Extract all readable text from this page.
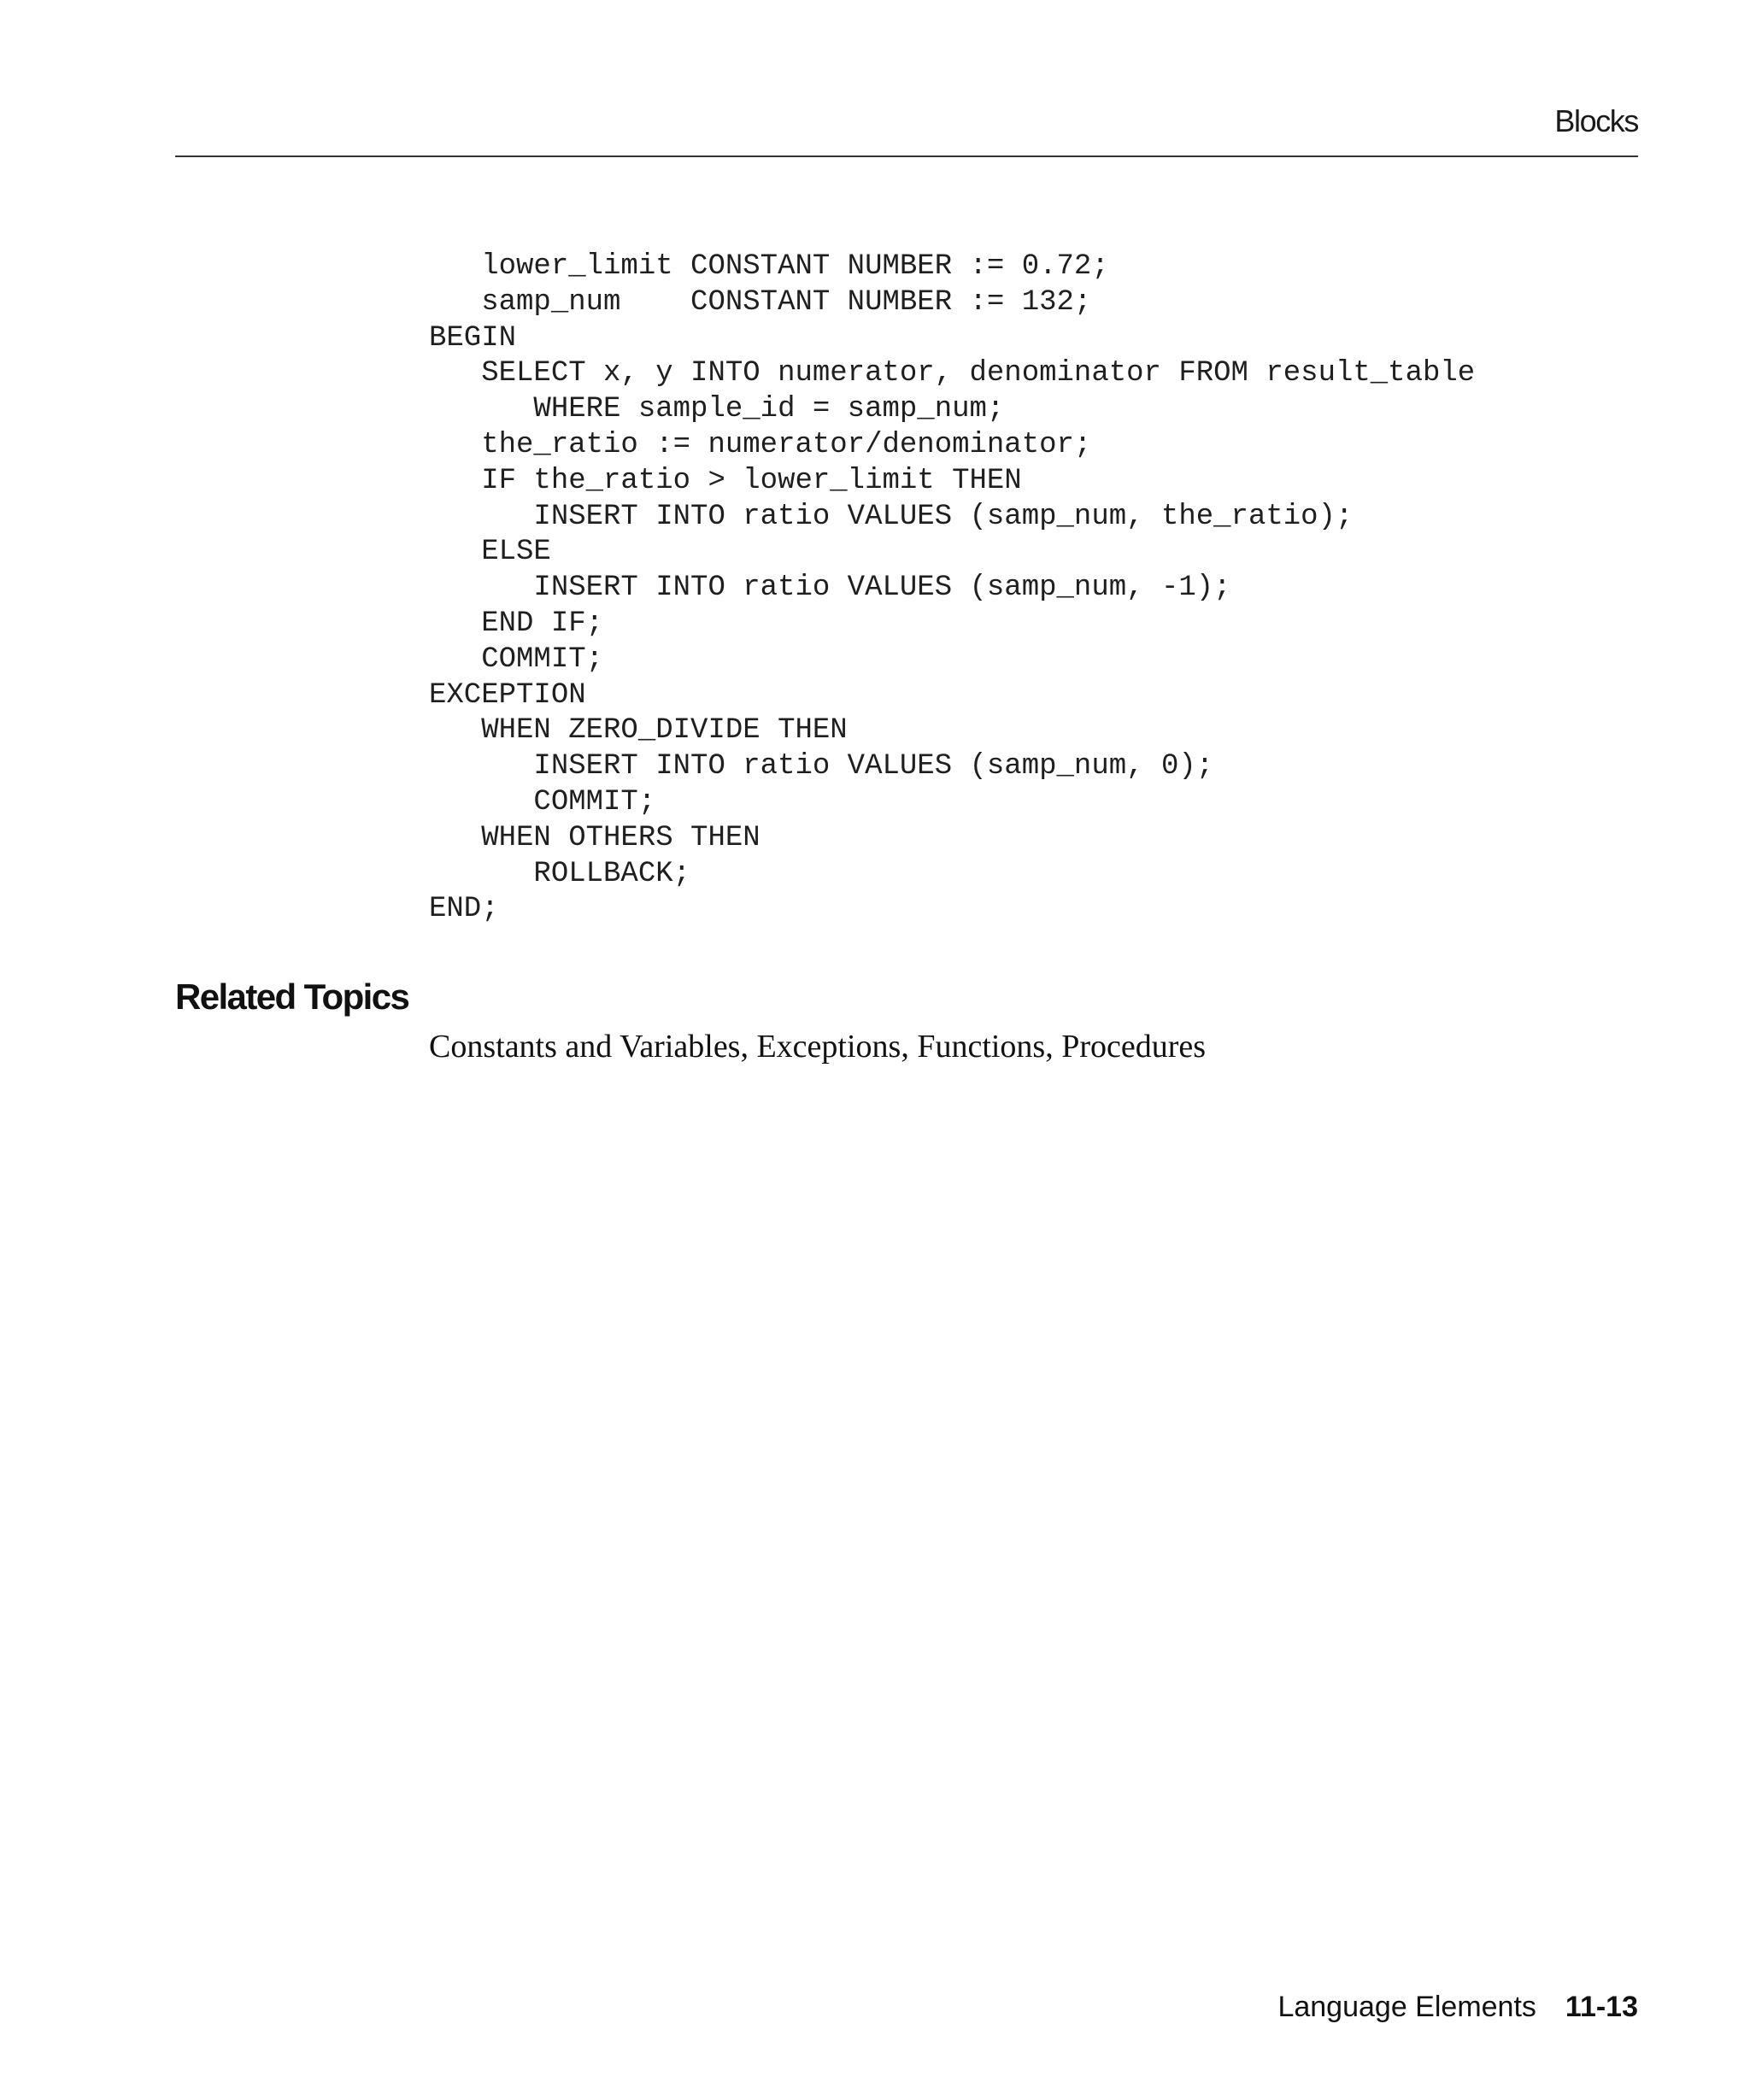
Blocks
lower_limit CONSTANT NUMBER := 0.72;
samp_num    CONSTANT NUMBER := 132;
BEGIN
SELECT x, y INTO numerator, denominator FROM result_table
WHERE sample_id = samp_num;
the_ratio := numerator/denominator;
IF the_ratio > lower_limit THEN
INSERT INTO ratio VALUES (samp_num, the_ratio);
ELSE
INSERT INTO ratio VALUES (samp_num, -1);
END IF;
COMMIT;
EXCEPTION
WHEN ZERO_DIVIDE THEN
INSERT INTO ratio VALUES (samp_num, 0);
COMMIT;
WHEN OTHERS THEN
ROLLBACK;
END;
Related Topics

Constants and Variables, Exceptions, Functions, Procedures

Language Elements 11-13
